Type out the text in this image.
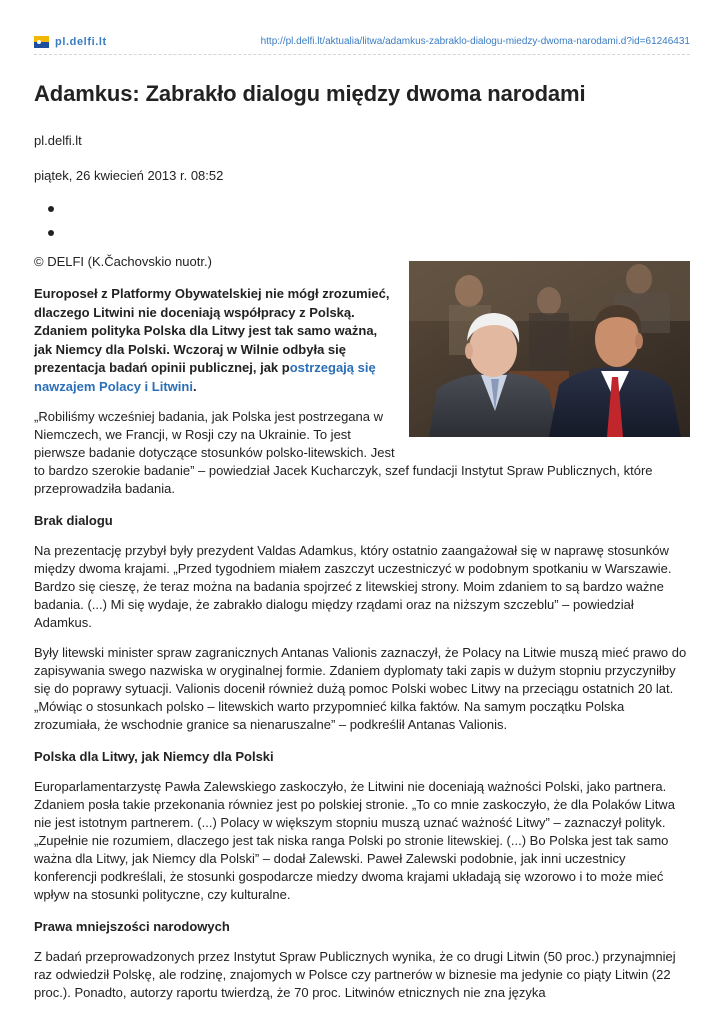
pl.delfi.lt	http://pl.delfi.lt/aktualia/litwa/adamkus-zabraklo-dialogu-miedzy-dwoma-narodami.d?id=61246431
Adamkus: Zabrakło dialogu między dwoma narodami
pl.delfi.lt
piątek, 26 kwiecień 2013 r. 08:52
© DELFI (K.Čachovskio nuotr.)

Europoseł z Platformy Obywatelskiej nie mógł zrozumieć, dlaczego Litwini nie doceniają współpracy z Polską. Zdaniem polityka Polska dla Litwy jest tak samo ważna, jak Niemcy dla Polski. Wczoraj w Wilnie odbyła się prezentacja badań opinii publicznej, jak postrzegają się nawzajem Polacy i Litwini.

„Robiliśmy wcześniej badania, jak Polska jest postrzegana w Niemczech, we Francji, w Rosji czy na Ukrainie. To jest pierwsze badanie dotyczące stosunków polsko-litewskich. Jest to bardzo szerokie badanie” – powiedział Jacek Kucharczyk, szef fundacji Instytut Spraw Publicznych, które przeprowadziła badania.

Brak dialogu

Na prezentację przybył były prezydent Valdas Adamkus, który ostatnio zaangażował się w naprawę stosunków między dwoma krajami. „Przed tygodniem miałem zaszczyt uczestniczyć w podobnym spotkaniu w Warszawie. Bardzo się cieszę, że teraz można na badania spojrzeć z litewskiej strony. Moim zdaniem to są bardzo ważne badania. (...) Mi się wydaje, że zabrakło dialogu między rządami oraz na niższym szczeblu” – powiedział Adamkus.

Były litewski minister spraw zagranicznych Antanas Valionis zaznaczył, że Polacy na Litwie muszą mieć prawo do zapisywania swego nazwiska w oryginalnej formie. Zdaniem dyplomaty taki zapis w dużym stopniu przyczyniłby się do poprawy sytuacji. Valionis docenił również dużą pomoc Polski wobec Litwy na przeciągu ostatnich 20 lat. „Mówiąc o stosunkach polsko – litewskich warto przypomnieć kilka faktów. Na samym początku Polska zrozumiała, że wschodnie granice sa nienaruszalne” – podkreślił Antanas Valionis.

Polska dla Litwy, jak Niemcy dla Polski

Europarlamentarzystę Pawła Zalewskiego zaskoczyło, że Litwini nie doceniają ważności Polski, jako partnera. Zdaniem posła takie przekonania równiez jest po polskiej stronie. „To co mnie zaskoczyło, że dla Polaków Litwa nie jest istotnym partnerem. (...) Polacy w większym stopniu muszą uznać ważność Litwy” – zaznaczył polityk. „Zupełnie nie rozumiem, dlaczego jest tak niska ranga Polski po stronie litewskiej. (...) Bo Polska jest tak samo ważna dla Litwy, jak Niemcy dla Polski” – dodał Zalewski. Paweł Zalewski podobnie, jak inni uczestnicy konferencji podkreślali, że stosunki gospodarcze miedzy dwoma krajami układają się wzorowo i to może mieć wpływ na stosunki polityczne, czy kulturalne.

Prawa mniejszości narodowych

Z badań przeprowadzonych przez Instytut Spraw Publicznych wynika, że co drugi Litwin (50 proc.) przynajmniej raz odwiedził Polskę, ale rodzinę, znajomych w Polsce czy partnerów w biznesie ma jedynie co piąty Litwin (22 proc.). Ponadto, autorzy raportu twierdzą, że 70 proc. Litwinów etnicznych nie zna języka
